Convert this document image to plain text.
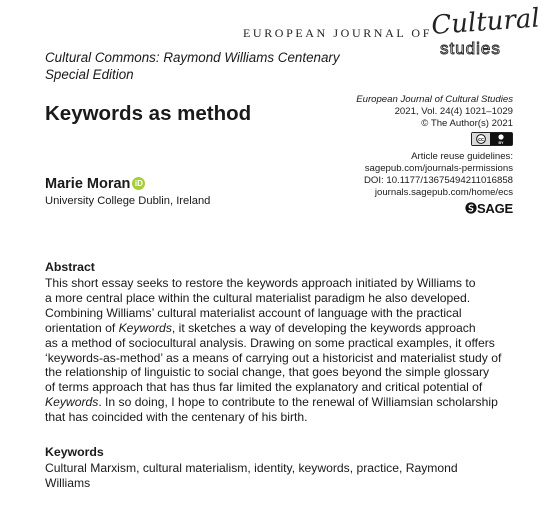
EUROPEAN JOURNAL OF
Cultural
studies
Cultural Commons: Raymond Williams Centenary
Special Edition
Keywords as method
European Journal of Cultural Studies
2021, Vol. 24(4) 1021–1029
© The Author(s) 2021
cc	BY
Article reuse guidelines:
sagepub.com/journals-permissions
DOI: 10.1177/13675494211016858
journals.sagepub.com/home/ecs
SAGE
Marie Moran iD
University College Dublin, Ireland
Abstract
This short essay seeks to restore the keywords approach initiated by Williams to
a more central place within the cultural materialist paradigm he also developed.
Combining Williams’ cultural materialist account of language with the practical
orientation of Keywords, it sketches a way of developing the keywords approach
as a method of sociocultural analysis. Drawing on some practical examples, it offers
‘keywords-as-method’ as a means of carrying out a historicist and materialist study of
the relationship of linguistic to social change, that goes beyond the simple glossary
of terms approach that has thus far limited the explanatory and critical potential of
Keywords. In so doing, I hope to contribute to the renewal of Williamsian scholarship
that has coincided with the centenary of his birth.
Keywords
Cultural Marxism, cultural materialism, identity, keywords, practice, Raymond
Williams
